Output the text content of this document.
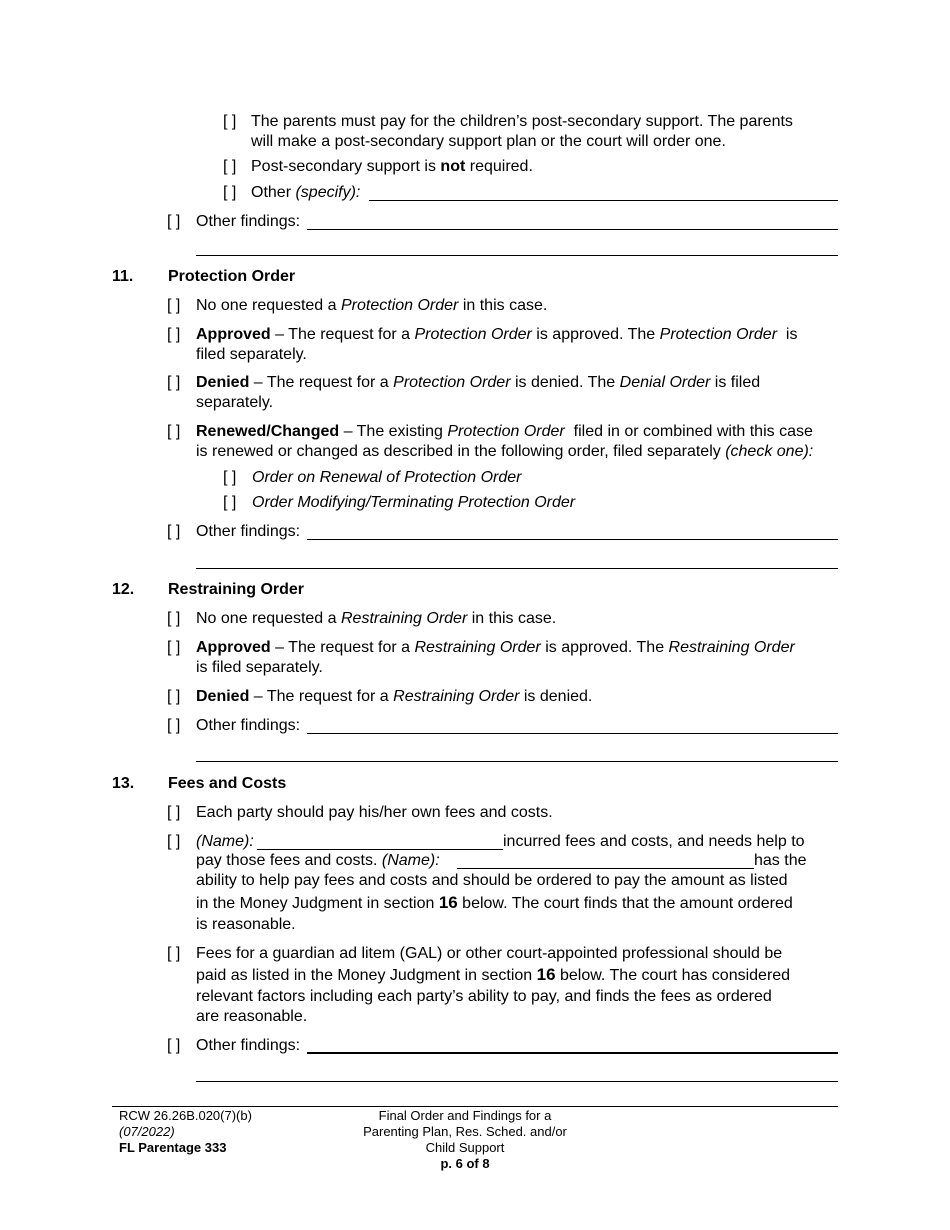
[ ] The parents must pay for the children’s post-secondary support. The parents
will make a post-secondary support plan or the court will order one.
[ ] Post-secondary support is not required.
[ ] Other (specify):
[ ] Other findings:
11. Protection Order
[ ] No one requested a Protection Order in this case.
[ ] Approved – The request for a Protection Order is approved. The Protection Order  is
filed separately.
[ ] Denied – The request for a Protection Order is denied. The Denial Order is filed
separately.
[ ] Renewed/Changed – The existing Protection Order  filed in or combined with this case
is renewed or changed as described in the following order, filed separately (check one):
[ ] Order on Renewal of Protection Order
[ ] Order Modifying/Terminating Protection Order
[ ] Other findings:
12. Restraining Order
[ ] No one requested a Restraining Order in this case.
[ ] Approved – The request for a Restraining Order is approved. The Restraining Order
is filed separately.
[ ] Denied – The request for a Restraining Order is denied.
[ ] Other findings:
13. Fees and Costs
[ ] Each party should pay his/her own fees and costs.
[ ] (Name):	incurred fees and costs, and needs help to
pay those fees and costs. (Name):	has the
ability to help pay fees and costs and should be ordered to pay the amount as listed
in the Money Judgment in section 16 below. The court finds that the amount ordered
is reasonable.
[ ] Fees for a guardian ad litem (GAL) or other court-appointed professional should be
paid as listed in the Money Judgment in section 16 below. The court has considered
relevant factors including each party’s ability to pay, and finds the fees as ordered
are reasonable.
[ ] Other findings:
RCW 26.26B.020(7)(b)
(07/2022)
FL Parentage 333
Final Order and Findings for a
Parenting Plan, Res. Sched. and/or
Child Support
p. 6 of 8
